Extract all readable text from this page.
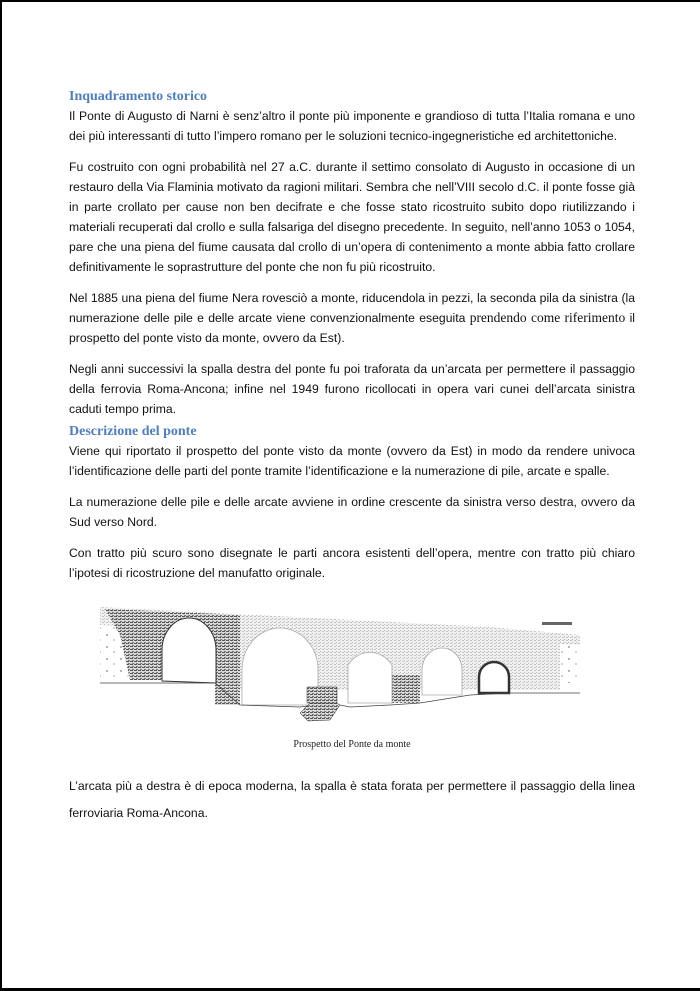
Inquadramento storico

Il Ponte di Augusto di Narni è senz’altro il ponte più imponente e grandioso di tutta l’Italia romana e uno dei più interessanti di tutto l’impero romano per le soluzioni tecnico-ingegneristiche ed architettoniche.

Fu costruito con ogni probabilità nel 27 a.C. durante il settimo consolato di Augusto in occasione di un restauro della Via Flaminia motivato da ragioni militari. Sembra che nell’VIII secolo d.C. il ponte fosse già in parte crollato per cause non ben decifrate e che fosse stato ricostruito subito dopo riutilizzando i materiali recuperati dal crollo e sulla falsariga del disegno precedente. In seguito, nell’anno 1053 o 1054, pare che una piena del fiume causata dal crollo di un’opera di contenimento a monte abbia fatto crollare definitivamente le soprastrutture del ponte che non fu più ricostruito.

Nel 1885 una piena del fiume Nera rovesciò a monte, riducendola in pezzi, la seconda pila da sinistra (la numerazione delle pile e delle arcate viene convenzionalmente eseguita prendendo come riferimento il prospetto del ponte visto da monte, ovvero da Est).

Negli anni successivi la spalla destra del ponte fu poi traforata da un’arcata per permettere il passaggio della ferrovia Roma-Ancona; infine nel 1949 furono ricollocati in opera vari cunei dell’arcata sinistra caduti tempo prima.

Descrizione del ponte

Viene qui riportato il prospetto del ponte visto da monte (ovvero da Est) in modo da rendere univoca l’identificazione delle parti del ponte tramite l’identificazione e la numerazione di pile, arcate e spalle.

La numerazione delle pile e delle arcate avviene in ordine crescente da sinistra verso destra, ovvero da Sud verso Nord.

Con tratto più scuro sono disegnate le parti ancora esistenti dell’opera, mentre con tratto più chiaro l’ipotesi di ricostruzione del manufatto originale.

Prospetto del Ponte da monte

L’arcata più a destra è di epoca moderna, la spalla è stata forata per permettere il passaggio della linea ferroviaria Roma-Ancona.
